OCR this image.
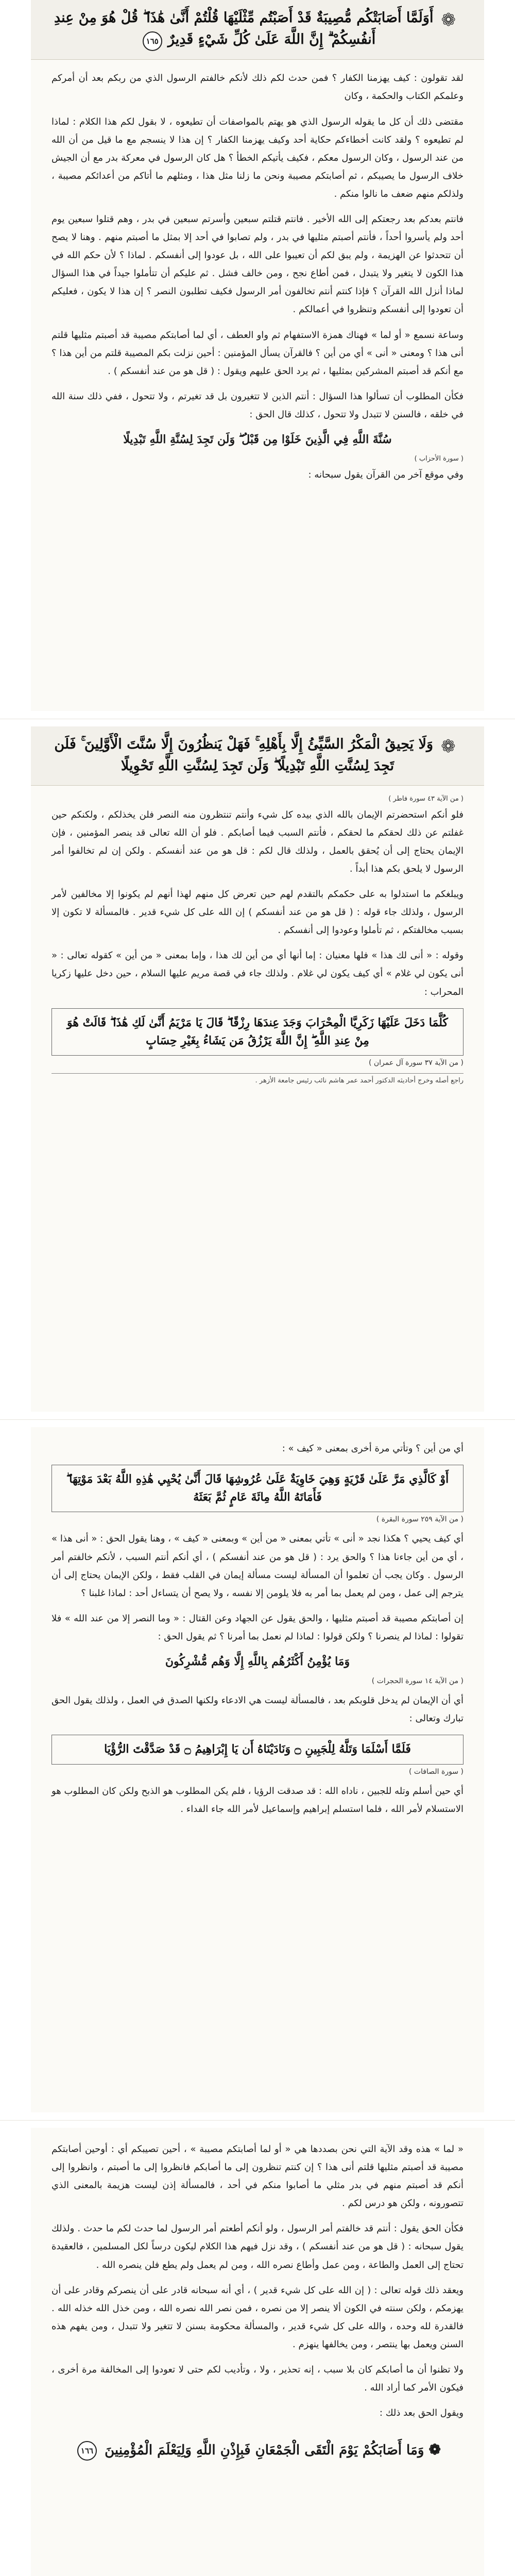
❁ أَوَلَمَّا أَصَابَتْكُم مُّصِيبَةٌ قَدْ أَصَبْتُم مِّثْلَيْهَا قُلْتُمْ أَنَّىٰ هَٰذَا ۖ قُلْ هُوَ مِنْ عِندِ أَنفُسِكُمْ ۗ إِنَّ اللَّهَ عَلَىٰ كُلِّ شَيْءٍ قَدِيرٌ ١٦٥
لقد تقولون : كيف يهزمنا الكفار ؟ فمن حدث لكم ذلك لأنكم خالفتم الرسول الذي من ربكم بعد أن أمركم وعلمكم الكتاب والحكمة ، وكان
مقتضى ذلك أن كل ما يقوله الرسول الذي هو يهتم بالمواصفات أن تطيعوه ، لا بقول لكم هذا الكلام : لماذا لم تطيعوه ؟ ولقد كانت أخطاءكم حكاية أحد وكيف يهزمنا الكفار ؟ إن هذا لا ينسجم مع ما قيل من أن الله من عند الرسول ، وكان الرسول معكم ، فكيف يأتيكم الخطأ ؟ هل كان الرسول في معركة بدر مع أن الجيش خلاف الرسول ما يصيبكم ، ثم أصابتكم مصيبة ونحن ما زلنا مثل هذا ، ومثلهم ما أتاكم من أعدائكم مصيبة ، ولذلكم منهم ضعف ما نالوا منكم .
فانتم بعدكم بعد رجعتكم إلى الله الأخير . فانتم قتلتم سبعين وأسرتم سبعين في بدر ، وهم قتلوا سبعين يوم أحد ولم يأسروا أحداً ، فأنتم أصبتم مثليها في بدر ، ولم تصابوا في أحد إلا بمثل ما أصبتم منهم . وهنا لا يصح أن تتحدثوا عن الهزيمة ، ولم يبق لكم أن تعيبوا على الله ، بل عودوا إلى أنفسكم . لماذا ؟ لأن حكم الله في هذا الكون لا يتغير ولا يتبدل ، فمن أطاع نجح ، ومن خالف فشل . ثم عليكم أن تتأملوا جيداً في هذا السؤال لماذا أنزل الله القرآن ؟ فإذا كنتم أنتم تخالفون أمر الرسول فكيف تطلبون النصر ؟ إن هذا لا يكون ، فعليكم أن تعودوا إلى أنفسكم وتنظروا في أعمالكم .
وساعة نسمع « أو لما » فهناك همزة الاستفهام ثم واو العطف ، أي لما أصابتكم مصيبة قد أصبتم مثليها قلتم أنى هذا ؟ ومعنى « أنى » أي من أين ؟ فالقرآن يسأل المؤمنين : أحين نزلت بكم المصيبة قلتم من أين هذا ؟ مع أنكم قد أصبتم المشركين بمثليها ، ثم يرد الحق عليهم ويقول : ( قل هو من عند أنفسكم ) .
فكأن المطلوب أن تسألوا هذا السؤال : أنتم الذين لا تتغيرون بل قد تغيرتم ، ولا تتحول ، ففي ذلك سنة الله في خلقه ، فالسنن لا تتبدل ولا تتحول ، كذلك قال الحق :
سُنَّةَ اللَّهِ فِي الَّذِينَ خَلَوْا مِن قَبْلُ ۖ وَلَن تَجِدَ لِسُنَّةِ اللَّهِ تَبْدِيلًا
( سورة الأحزاب )
وفي موقع آخر من القرآن يقول سبحانه :
❁ وَلَا يَحِيقُ الْمَكْرُ السَّيِّئُ إِلَّا بِأَهْلِهِ ۚ فَهَلْ يَنظُرُونَ إِلَّا سُنَّتَ الْأَوَّلِينَ ۚ فَلَن تَجِدَ لِسُنَّتِ اللَّهِ تَبْدِيلًا ۖ وَلَن تَجِدَ لِسُنَّتِ اللَّهِ تَحْوِيلًا
( من الآية ٤٣ سورة فاطر )
فلو أنكم استحضرتم الإيمان بالله الذي بيده كل شيء وأنتم تنتظرون منه النصر فلن يخذلكم ، ولكنكم حين غفلتم عن ذلك لحقكم ما لحقكم ، فأنتم السبب فيما أصابكم . فلو أن الله تعالى قد ينصر المؤمنين ، فإن الإيمان يحتاج إلى أن يُحقق بالعمل ، ولذلك قال لكم : قل هو من عند أنفسكم . ولكن إن لم تخالفوا أمر الرسول لا يلحق بكم هذا أبداً .
ويبلغكم ما استدلوا به على حكمكم بالتقدم لهم حين تعرض كل منهم لهذا أنهم لم يكونوا إلا مخالفين لأمر الرسول ، ولذلك جاء قوله : ( قل هو من عند أنفسكم ) إن الله على كل شيء قدير . فالمسألة لا تكون إلا بسبب مخالفتكم ، ثم تأملوا وعودوا إلى أنفسكم .
وقوله : « أنى لك هذا » فلها معنيان : إما أنها أي من أين لك هذا ، وإما بمعنى « من أين » كقوله تعالى : « أنى يكون لي غلام » أي كيف يكون لي غلام . ولذلك جاء في قصة مريم عليها السلام ، حين دخل عليها زكريا المحراب :
كُلَّمَا دَخَلَ عَلَيْهَا زَكَرِيَّا الْمِحْرَابَ وَجَدَ عِندَهَا رِزْقًا ۖ قَالَ يَا مَرْيَمُ أَنَّىٰ لَكِ هَٰذَا ۖ قَالَتْ هُوَ مِنْ عِندِ اللَّهِ ۖ إِنَّ اللَّهَ يَرْزُقُ مَن يَشَاءُ بِغَيْرِ حِسَابٍ
( من الآية ٣٧ سورة آل عمران )
راجع أصله وخرج أحاديثه الدكتور أحمد عمر هاشم نائب رئيس جامعة الأزهر .
أي من أين ؟ وتأتي مرة أخرى بمعنى « كيف » :
أَوْ كَالَّذِي مَرَّ عَلَىٰ قَرْيَةٍ وَهِيَ خَاوِيَةٌ عَلَىٰ عُرُوشِهَا قَالَ أَنَّىٰ يُحْيِي هَٰذِهِ اللَّهُ بَعْدَ مَوْتِهَا ۖ فَأَمَاتَهُ اللَّهُ مِائَةَ عَامٍ ثُمَّ بَعَثَهُ
( من الآية ٢٥٩ سورة البقرة )
أي كيف يحيي ؟ هكذا نجد « أنى » تأتي بمعنى « من أين » وبمعنى « كيف » ، وهنا يقول الحق : « أنى هذا » ، أي من أين جاءنا هذا ؟ والحق يرد : ( قل هو من عند أنفسكم ) ، أي أنكم أنتم السبب ، لأنكم خالفتم أمر الرسول . وكان يجب أن تعلموا أن المسألة ليست مسألة إيمان في القلب فقط ، ولكن الإيمان يحتاج إلى أن يترجم إلى عمل ، ومن لم يعمل بما أمر به فلا يلومن إلا نفسه ، ولا يصح أن يتساءل أحد : لماذا غلبنا ؟
إن أصابتكم مصيبة قد أصبتم مثليها ، والحق يقول عن الجهاد وعن القتال : « وما النصر إلا من عند الله » فلا تقولوا : لماذا لم ينصرنا ؟ ولكن قولوا : لماذا لم نعمل بما أمرنا ؟ ثم يقول الحق :
وَمَا يُؤْمِنُ أَكْثَرُهُم بِاللَّهِ إِلَّا وَهُم مُّشْرِكُونَ
( من الآية ١٤ سورة الحجرات )
أي أن الإيمان لم يدخل قلوبكم بعد ، فالمسألة ليست هي الادعاء ولكنها الصدق في العمل ، ولذلك يقول الحق تبارك وتعالى :
فَلَمَّا أَسْلَمَا وَتَلَّهُ لِلْجَبِينِ ۝ وَنَادَيْنَاهُ أَن يَا إِبْرَاهِيمُ ۝ قَدْ صَدَّقْتَ الرُّؤْيَا
( سورة الصافات )
أي حين أسلم وتله للجبين ، ناداه الله : قد صدقت الرؤيا ، فلم يكن المطلوب هو الذبح ولكن كان المطلوب هو الاستسلام لأمر الله ، فلما استسلم إبراهيم وإسماعيل لأمر الله جاء الفداء .
« لما » هذه وقد الآية التي نحن بصددها هي « أو لما أصابتكم مصيبة » ، أحين تصيبكم أي : أوحين أصابتكم مصيبة قد أصبتم مثليها قلتم أنى هذا ؟ إن كنتم تنظرون إلى ما أصابكم فانظروا إلى ما أصبتم ، وانظروا إلى أنكم قد أصبتم منهم في بدر مثلي ما أصابوا منكم في أحد ، فالمسألة إذن ليست هزيمة بالمعنى الذي تتصورونه ، ولكن هو درس لكم .
فكأن الحق يقول : أنتم قد خالفتم أمر الرسول ، ولو أنكم أطعتم أمر الرسول لما حدث لكم ما حدث . ولذلك يقول سبحانه : ( قل هو من عند أنفسكم ) ، وقد نزل فيهم هذا الكلام ليكون درساً لكل المسلمين ، فالعقيدة تحتاج إلى العمل والطاعة ، ومن عمل وأطاع نصره الله ، ومن لم يعمل ولم يطع فلن ينصره الله .
ويعقد ذلك قوله تعالى : ( إن الله على كل شيء قدير ) ، أي أنه سبحانه قادر على أن ينصركم وقادر على أن يهزمكم ، ولكن سنته في الكون ألا ينصر إلا من نصره ، فمن نصر الله نصره الله ، ومن خذل الله خذله الله . فالقدرة لله وحده ، والله على كل شيء قدير ، والمسألة محكومة بسنن لا تتغير ولا تتبدل ، ومن يفهم هذه السنن ويعمل بها ينتصر ، ومن يخالفها ينهزم .
ولا تظنوا أن ما أصابكم كان بلا سبب ، إنه تحذير ، ولا ، وتأديب لكم حتى لا تعودوا إلى المخالفة مرة أخرى ، فيكون الأمر كما أراد الله .
ويقول الحق بعد ذلك :
❁ وَمَا أَصَابَكُمْ يَوْمَ الْتَقَى الْجَمْعَانِ فَبِإِذْنِ اللَّهِ وَلِيَعْلَمَ الْمُؤْمِنِينَ ١٦٦
